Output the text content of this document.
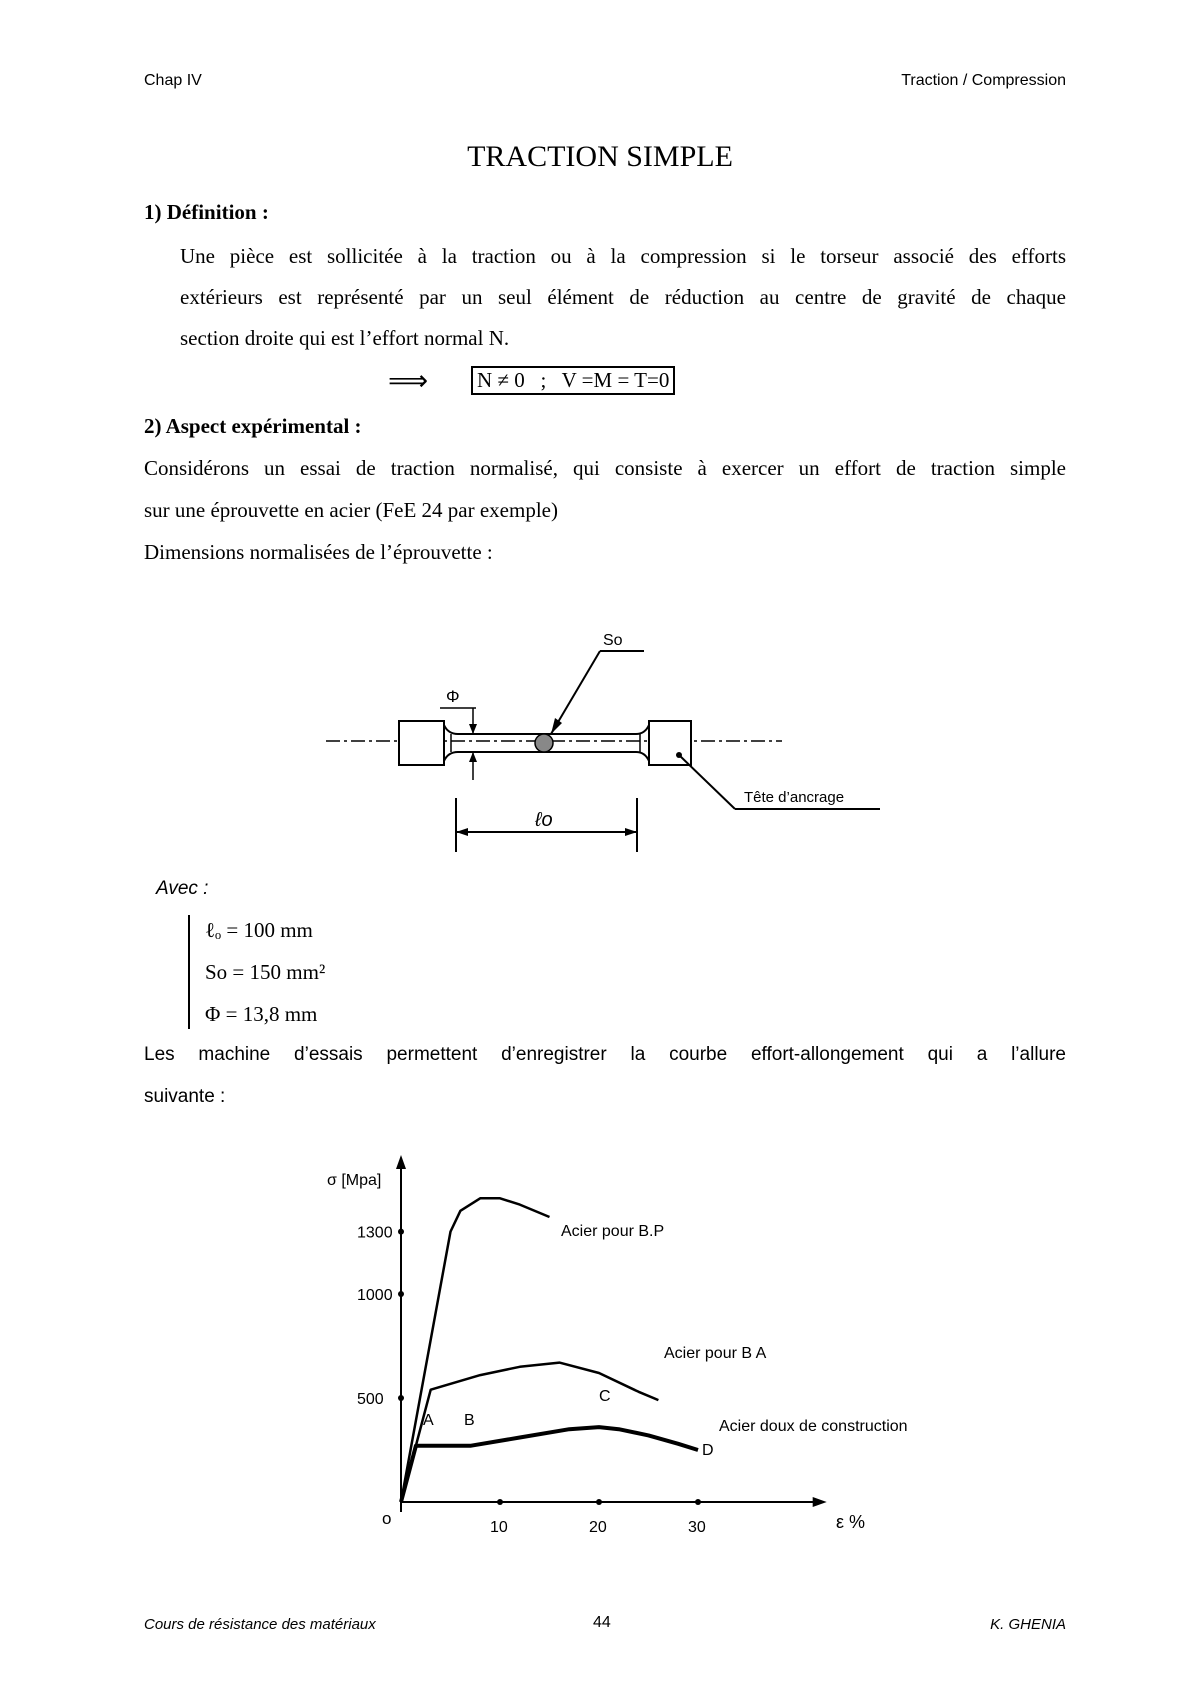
Chap IV	Traction / Compression
TRACTION SIMPLE
1) Définition :
Une pièce est sollicitée à la traction ou à la compression si le torseur associé des efforts
extérieurs est représenté par un seul élément de réduction au centre de gravité de chaque
section droite qui est l’effort normal N.
⟹ N ≠ 0   ;   V =M = T=0
2) Aspect expérimental :
Considérons un essai de traction normalisé, qui consiste à exercer un effort de traction simple
sur une éprouvette en acier (FeE 24 par exemple)
Dimensions normalisées de l’éprouvette :
So
Φ
Tête d’ancrage
ℓo
Avec :
ℓₒ = 100 mm
So = 150 mm²
Φ = 13,8 mm
Les machine d’essais permettent d’enregistrer la courbe effort-allongement qui a l’allure
suivante :
o
σ [Mpa]
ε %
10	20	30
500
1000
1300	Acier pour B.P
Acier pour B A
Acier doux de construction
A B
C
D
Cours de résistance des matériaux	44	K. GHENIA
